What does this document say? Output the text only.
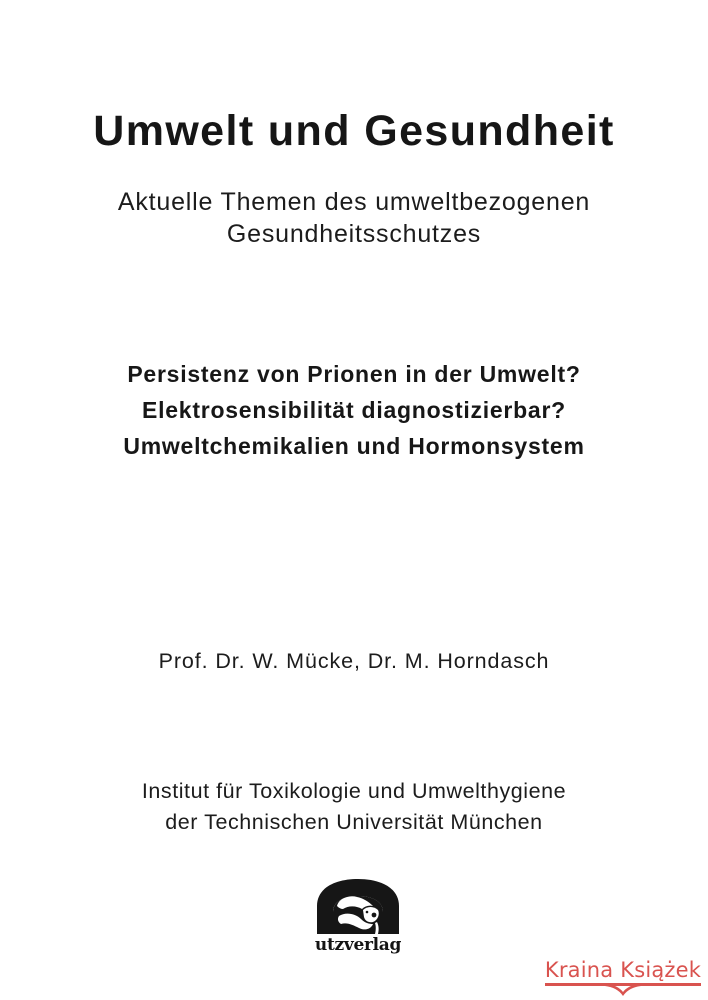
Umwelt und Gesundheit
Aktuelle Themen des umweltbezogenen
Gesundheitsschutzes
Persistenz von Prionen in der Umwelt?
Elektrosensibilität diagnostizierbar?
Umweltchemikalien und Hormonsystem
Prof. Dr. W. Mücke, Dr. M. Horndasch
Institut für Toxikologie und Umwelthygiene
der Technischen Universität München
utzverlag
Kraina Książek
